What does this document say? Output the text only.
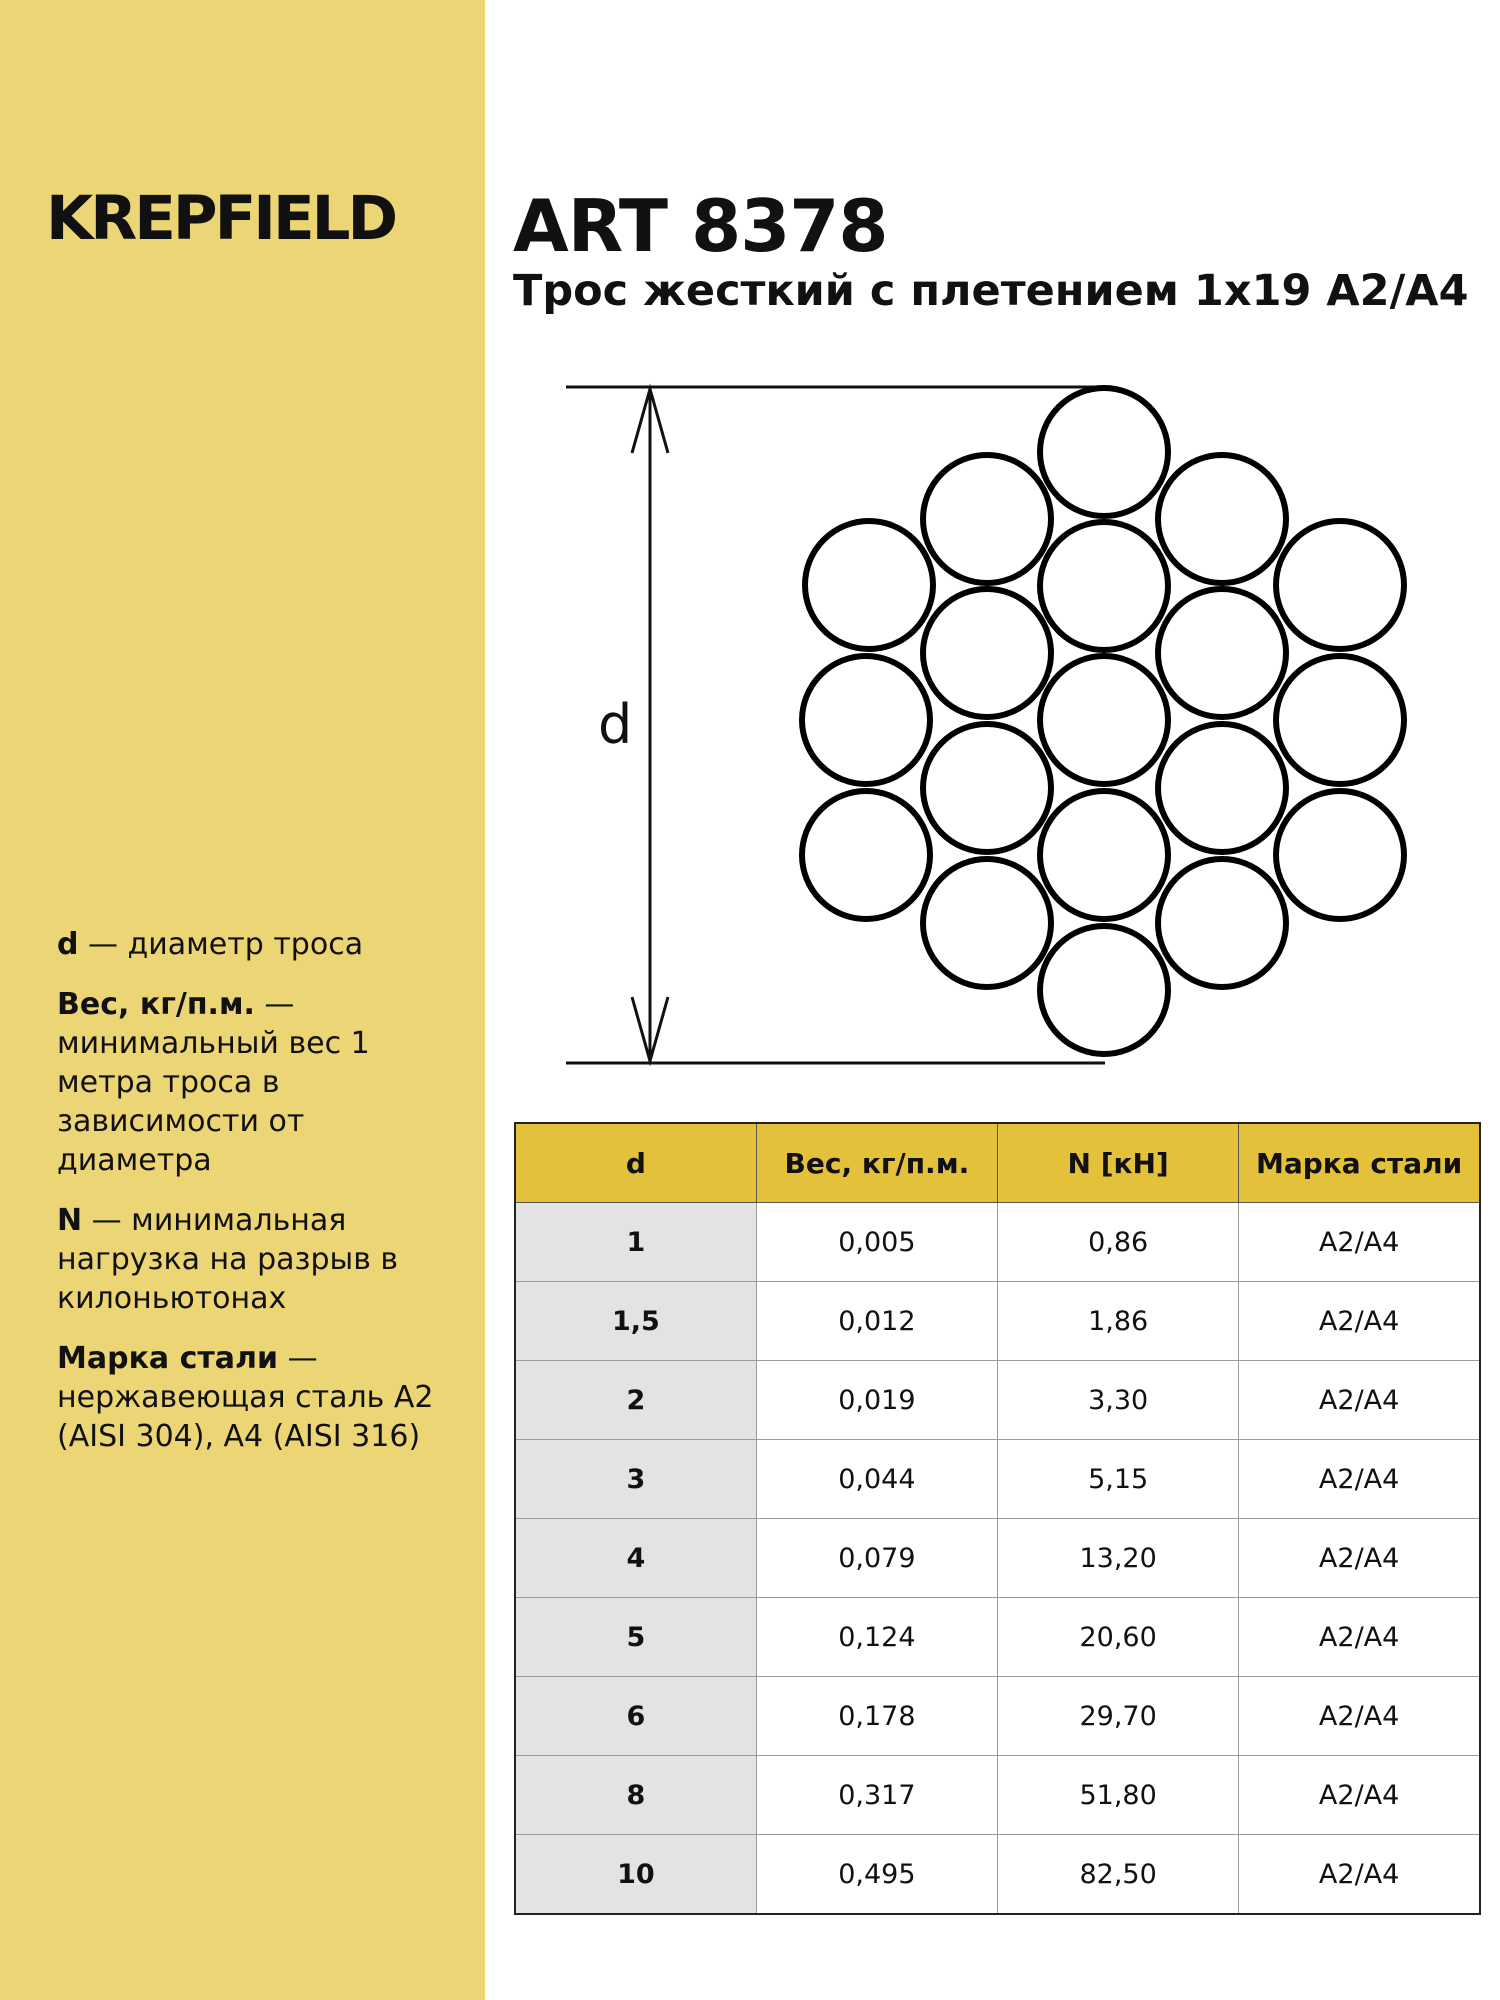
KREPFIELD
d — диаметр троса
Вес, кг/п.м. — минимальный вес 1 метра троса в зависимости от диаметра
N — минимальная нагрузка на разрыв в килоньютонах
Марка стали — нержавеющая сталь А2 (AISI 304), А4 (AISI 316)
ART 8378
Трос жесткий с плетением 1х19 А2/А4
d
d	Вес, кг/п.м.	N [кН]	Марка стали
1	0,005	0,86	А2/А4
1,5	0,012	1,86	А2/А4
2	0,019	3,30	А2/А4
3	0,044	5,15	А2/А4
4	0,079	13,20	А2/А4
5	0,124	20,60	А2/А4
6	0,178	29,70	А2/А4
8	0,317	51,80	А2/А4
10	0,495	82,50	А2/А4
